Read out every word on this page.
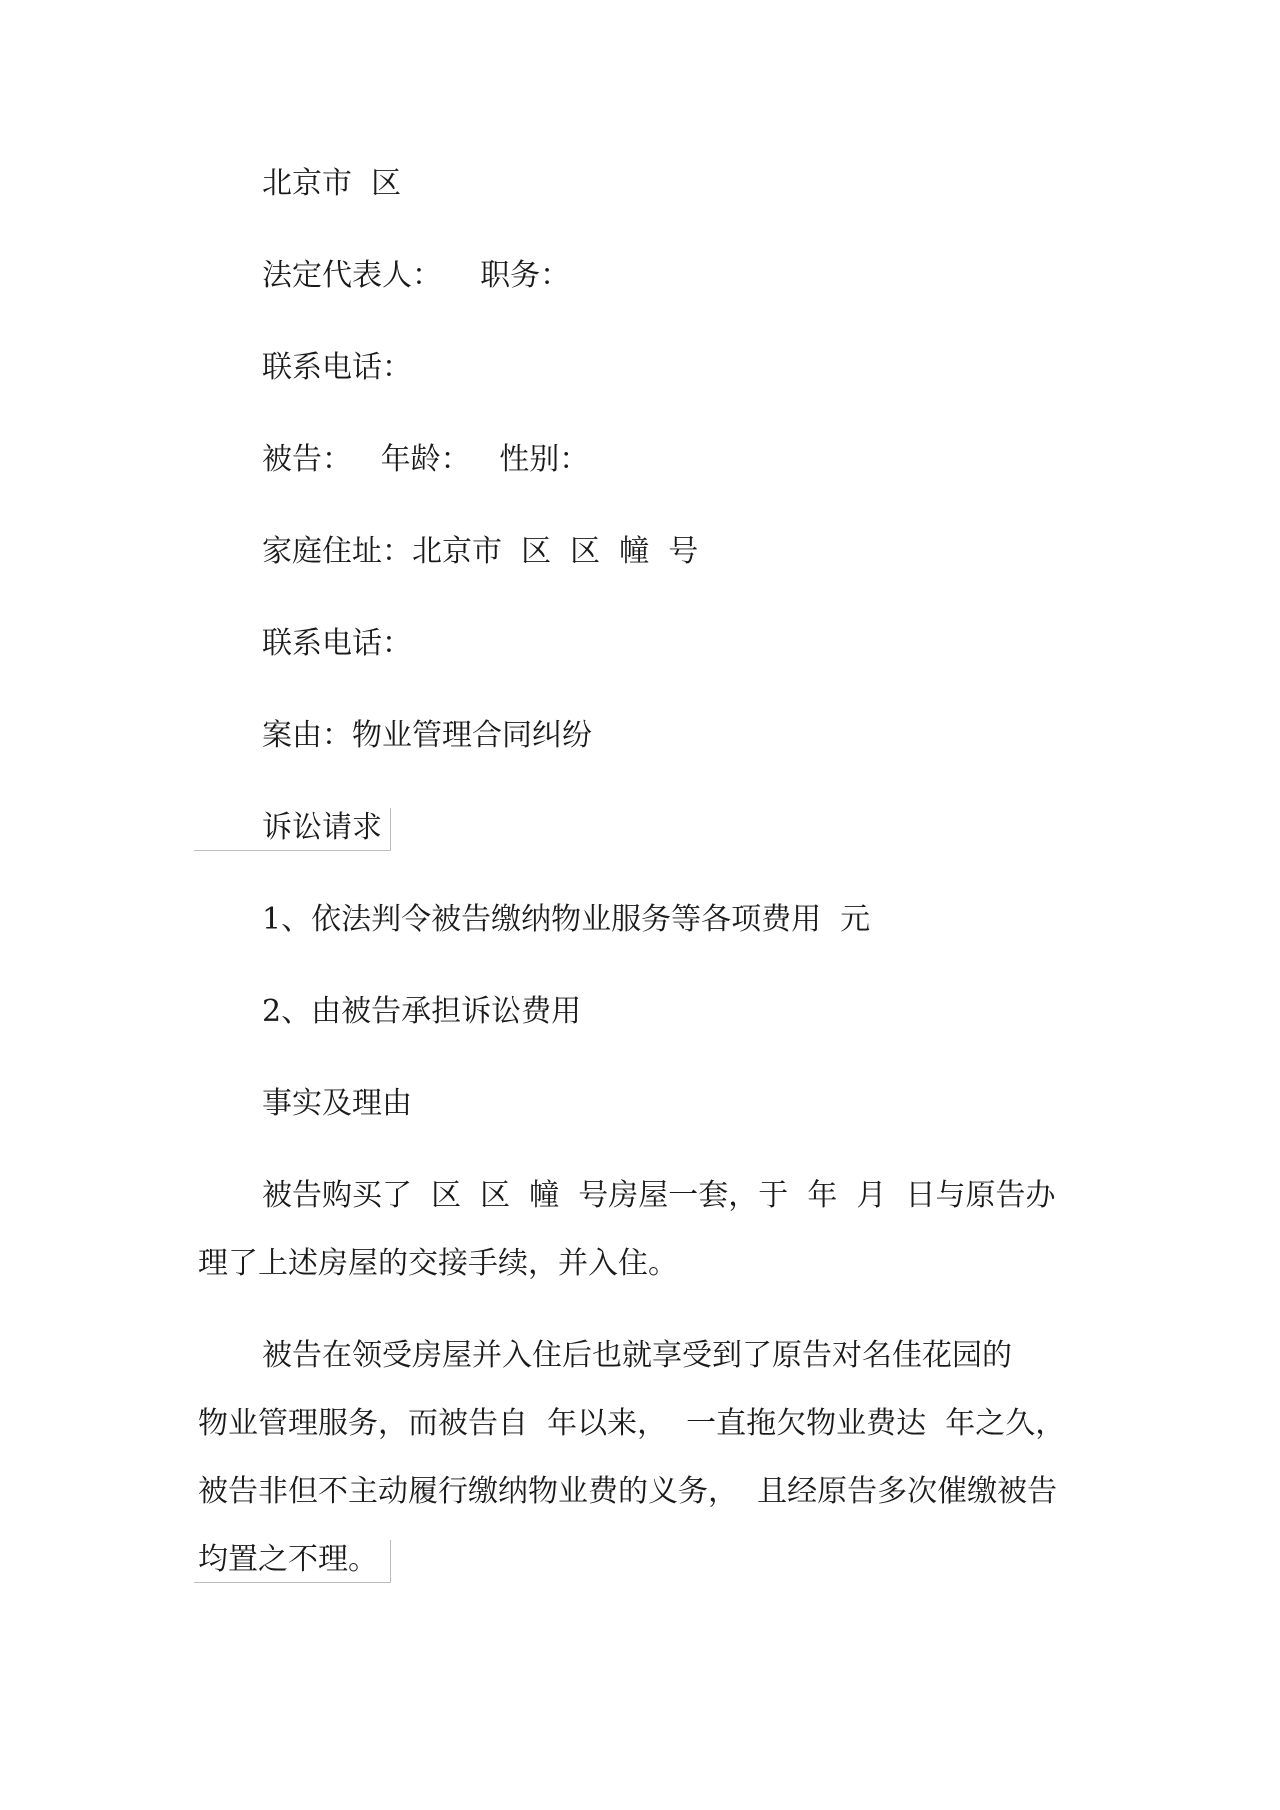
北京市  区
法定代表人：    职务：
联系电话：
被告：   年龄：   性别：
家庭住址：北京市  区  区  幢  号
联系电话：
案由：物业管理合同纠纷
诉讼请求
1、依法判令被告缴纳物业服务等各项费用  元
2、由被告承担诉讼费用
事实及理由
被告购买了  区  区  幢  号房屋一套，于  年  月  日与原告办
理了上述房屋的交接手续，并入住。
被告在领受房屋并入住后也就享受到了原告对名佳花园的
物业管理服务，而被告自  年以来，  一直拖欠物业费达  年之久，
被告非但不主动履行缴纳物业费的义务，  且经原告多次催缴被告
均置之不理。
